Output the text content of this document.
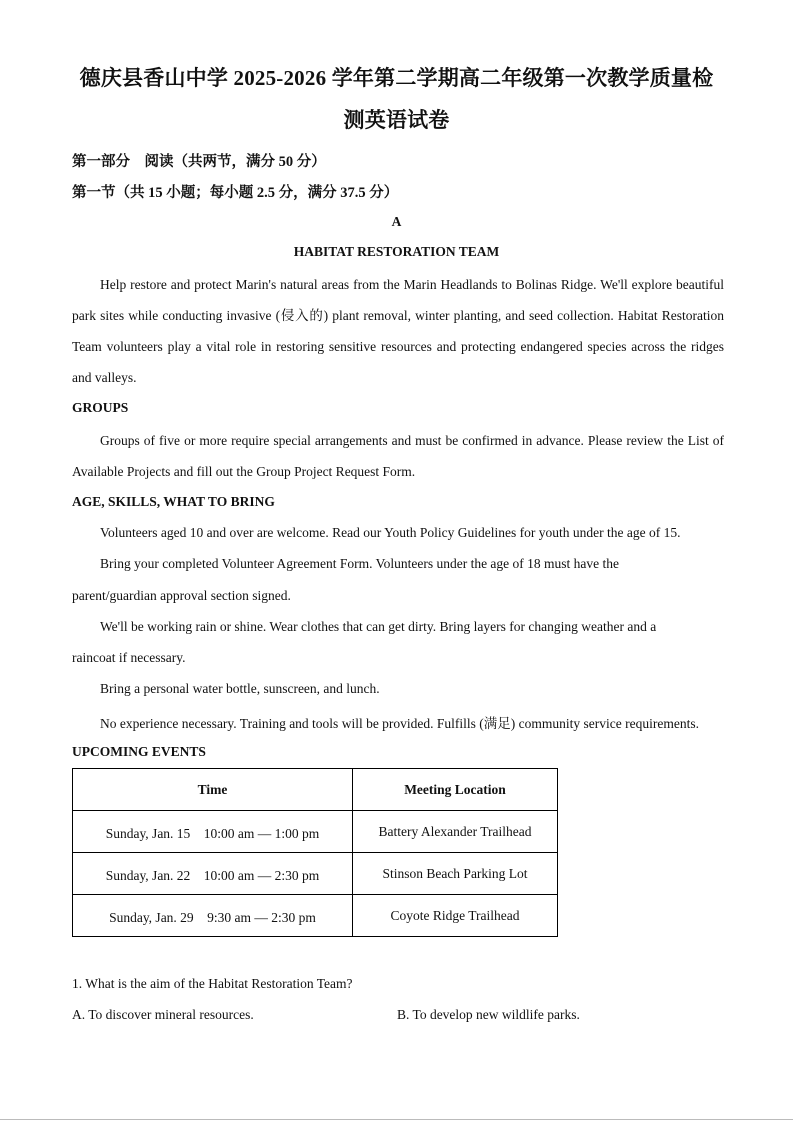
德庆县香山中学 2025-2026 学年第二学期高二年级第一次教学质量检
测英语试卷
第一部分　阅读（共两节，满分 50 分）
第一节（共 15 小题；每小题 2.5 分，满分 37.5 分）
A
HABITAT RESTORATION TEAM
Help restore and protect Marin's natural areas from the Marin Headlands to Bolinas Ridge. We'll explore beautiful park sites while conducting invasive (侵入的) plant removal, winter planting, and seed collection. Habitat Restoration Team volunteers play a vital role in restoring sensitive resources and protecting endangered species across the ridges and valleys.
GROUPS
Groups of five or more require special arrangements and must be confirmed in advance. Please review the List of Available Projects and fill out the Group Project Request Form.
AGE, SKILLS, WHAT TO BRING
Volunteers aged 10 and over are welcome. Read our Youth Policy Guidelines for youth under the age of 15.
Bring your completed Volunteer Agreement Form. Volunteers under the age of 18 must have the
parent/guardian approval section signed.
We'll be working rain or shine. Wear clothes that can get dirty. Bring layers for changing weather and a
raincoat if necessary.
Bring a personal water bottle, sunscreen, and lunch.
No experience necessary. Training and tools will be provided. Fulfills (满足) community service requirements.
UPCOMING EVENTS
Time	Meeting Location
Sunday, Jan. 15　10:00 am — 1:00 pm	Battery Alexander Trailhead
Sunday, Jan. 22　10:00 am — 2:30 pm	Stinson Beach Parking Lot
Sunday, Jan. 29　9:30 am — 2:30 pm	Coyote Ridge Trailhead
1. What is the aim of the Habitat Restoration Team?
A. To discover mineral resources.	B. To develop new wildlife parks.
